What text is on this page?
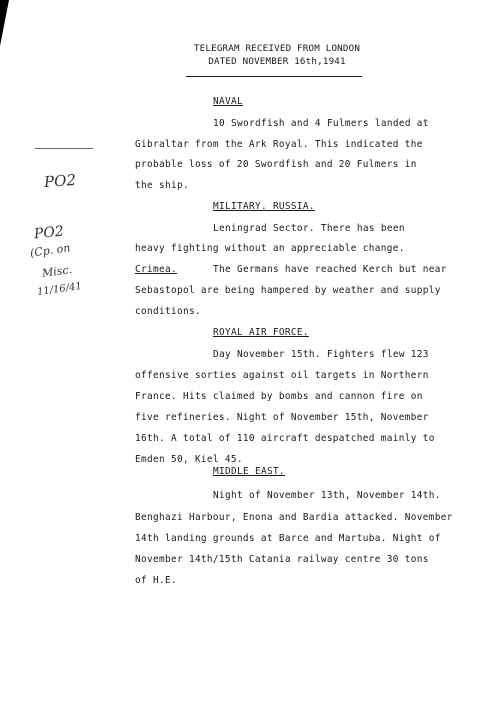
TELEGRAM RECEIVED FROM LONDON
DATED NOVEMBER 16th,1941
PO2
PO2
(Cp. on
Misc.
11/16/41
NAVAL
10 Swordfish and 4 Fulmers landed at
Gibraltar from the Ark Royal. This indicated the
probable loss of 20 Swordfish and 20 Fulmers in
the ship.
MILITARY. RUSSIA.
Leningrad Sector. There has been
heavy fighting without an appreciable change.
Crimea.	The Germans have reached Kerch but near
Sebastopol are being hampered by weather and supply
conditions.
ROYAL AIR FORCE.
Day November 15th. Fighters flew 123
offensive sorties against oil targets in Northern
France. Hits claimed by bombs and cannon fire on
five refineries. Night of November 15th, November
16th. A total of 110 aircraft despatched mainly to
Emden 50, Kiel 45.
MIDDLE EAST.
Night of November 13th, November 14th.
Benghazi Harbour, Enona and Bardia attacked. November
14th landing grounds at Barce and Martuba. Night of
November 14th/15th Catania railway centre 30 tons
of H.E.
